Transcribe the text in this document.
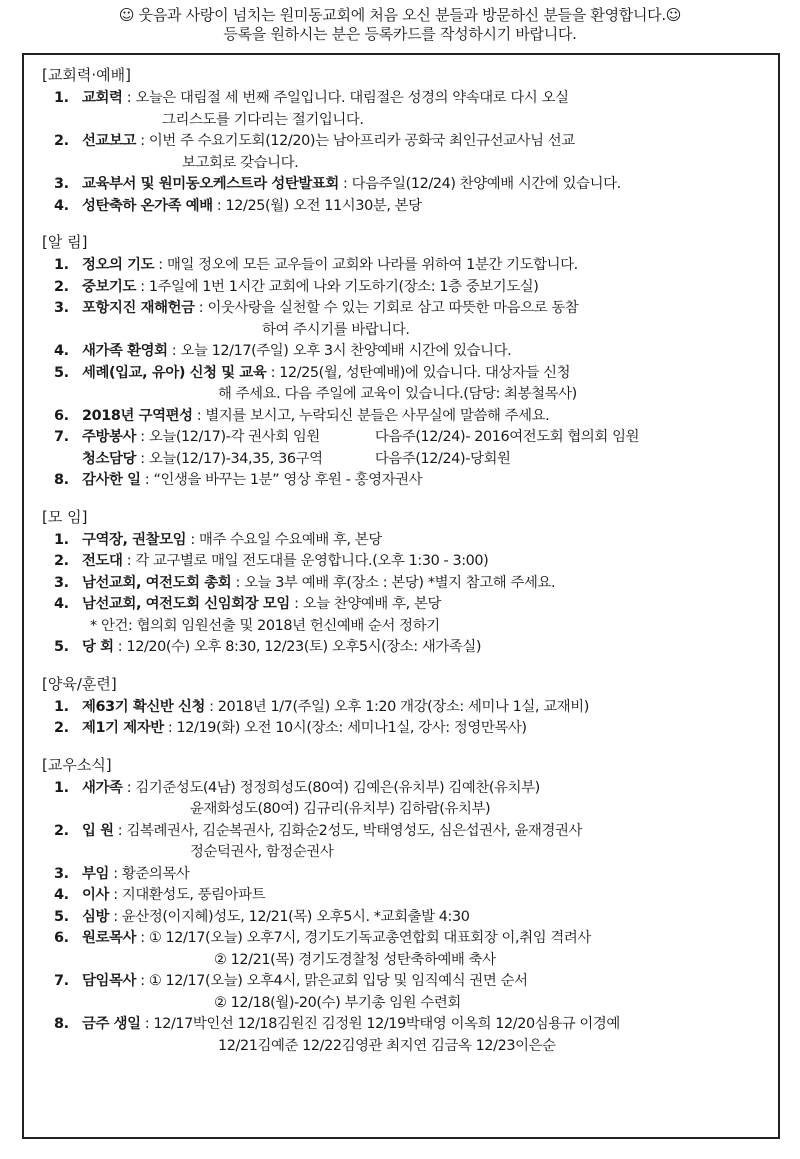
☺ 웃음과 사랑이 넘치는 원미동교회에 처음 오신 분들과 방문하신 분들을 환영합니다.☺
등록을 원하시는 분은 등록카드를 작성하시기 바랍니다.
[교회력·예배]
1. 교회력 : 오늘은 대림절 세 번째 주일입니다. 대림절은 성경의 약속대로 다시 오실
그리스도를 기다리는 절기입니다.
2. 선교보고 : 이번 주 수요기도회(12/20)는 남아프리카 공화국 최인규선교사님 선교
보고회로 갖습니다.
3. 교육부서 및 원미동오케스트라 성탄발표회 : 다음주일(12/24) 찬양예배 시간에 있습니다.
4. 성탄축하 온가족 예배 : 12/25(월) 오전 11시30분, 본당
[알 림]
1. 정오의 기도 : 매일 정오에 모든 교우들이 교회와 나라를 위하여 1분간 기도합니다.
2. 중보기도 : 1주일에 1번 1시간 교회에 나와 기도하기(장소: 1층 중보기도실)
3. 포항지진 재해헌금 : 이웃사랑을 실천할 수 있는 기회로 삼고 따뜻한 마음으로 동참
하여 주시기를 바랍니다.
4. 새가족 환영회 : 오늘 12/17(주일) 오후 3시 찬양예배 시간에 있습니다.
5. 세례(입교, 유아) 신청 및 교육 : 12/25(월, 성탄예배)에 있습니다. 대상자들 신청
해 주세요. 다음 주일에 교육이 있습니다.(담당: 최봉철목사)
6. 2018년 구역편성 : 별지를 보시고, 누락되신 분들은 사무실에 말씀해 주세요.
7. 주방봉사 : 오늘(12/17)-각 권사회 임원	다음주(12/24)- 2016여전도회 협의회 임원
청소담당 : 오늘(12/17)-34,35, 36구역	다음주(12/24)-당회원
8. 감사한 일 : “인생을 바꾸는 1분” 영상 후원 - 홍영자권사
[모 임]
1. 구역장, 권찰모임 : 매주 수요일 수요예배 후, 본당
2. 전도대 : 각 교구별로 매일 전도대를 운영합니다.(오후 1:30 - 3:00)
3. 남선교회, 여전도회 총회 : 오늘 3부 예배 후(장소 : 본당) *별지 참고해 주세요.
4. 남선교회, 여전도회 신임회장 모임 : 오늘 찬양예배 후, 본당
* 안건: 협의회 임원선출 및 2018년 헌신예배 순서 정하기
5. 당 회 : 12/20(수) 오후 8:30, 12/23(토) 오후5시(장소: 새가족실)
[양육/훈련]
1. 제63기 확신반 신청 : 2018년 1/7(주일) 오후 1:20 개강(장소: 세미나 1실, 교재비)
2. 제1기 제자반 : 12/19(화) 오전 10시(장소: 세미나1실, 강사: 정영만목사)
[교우소식]
1. 새가족 : 김기준성도(4남) 정정희성도(80여) 김예은(유치부) 김예찬(유치부)
윤재화성도(80여) 김규리(유치부) 김하람(유치부)
2. 입 원 : 김복례권사, 김순복권사, 김화순2성도, 박태영성도, 심은섭권사, 윤재경권사
정순덕권사, 함정순권사
3. 부임 : 황준의목사
4. 이사 : 지대환성도, 풍림아파트
5. 심방 : 윤산정(이지혜)성도, 12/21(목) 오후5시. *교회출발 4:30
6. 원로목사 : ① 12/17(오늘) 오후7시, 경기도기독교총연합회 대표회장 이,취임 격려사
② 12/21(목) 경기도경찰청 성탄축하예배 축사
7. 담임목사 : ① 12/17(오늘) 오후4시, 맑은교회 입당 및 임직예식 권면 순서
② 12/18(월)-20(수) 부기총 임원 수련회
8. 금주 생일 : 12/17박인선 12/18김원진 김정원 12/19박태영 이옥희 12/20심용규 이경예
12/21김예준 12/22김영관 최지연 김금옥 12/23이은순
